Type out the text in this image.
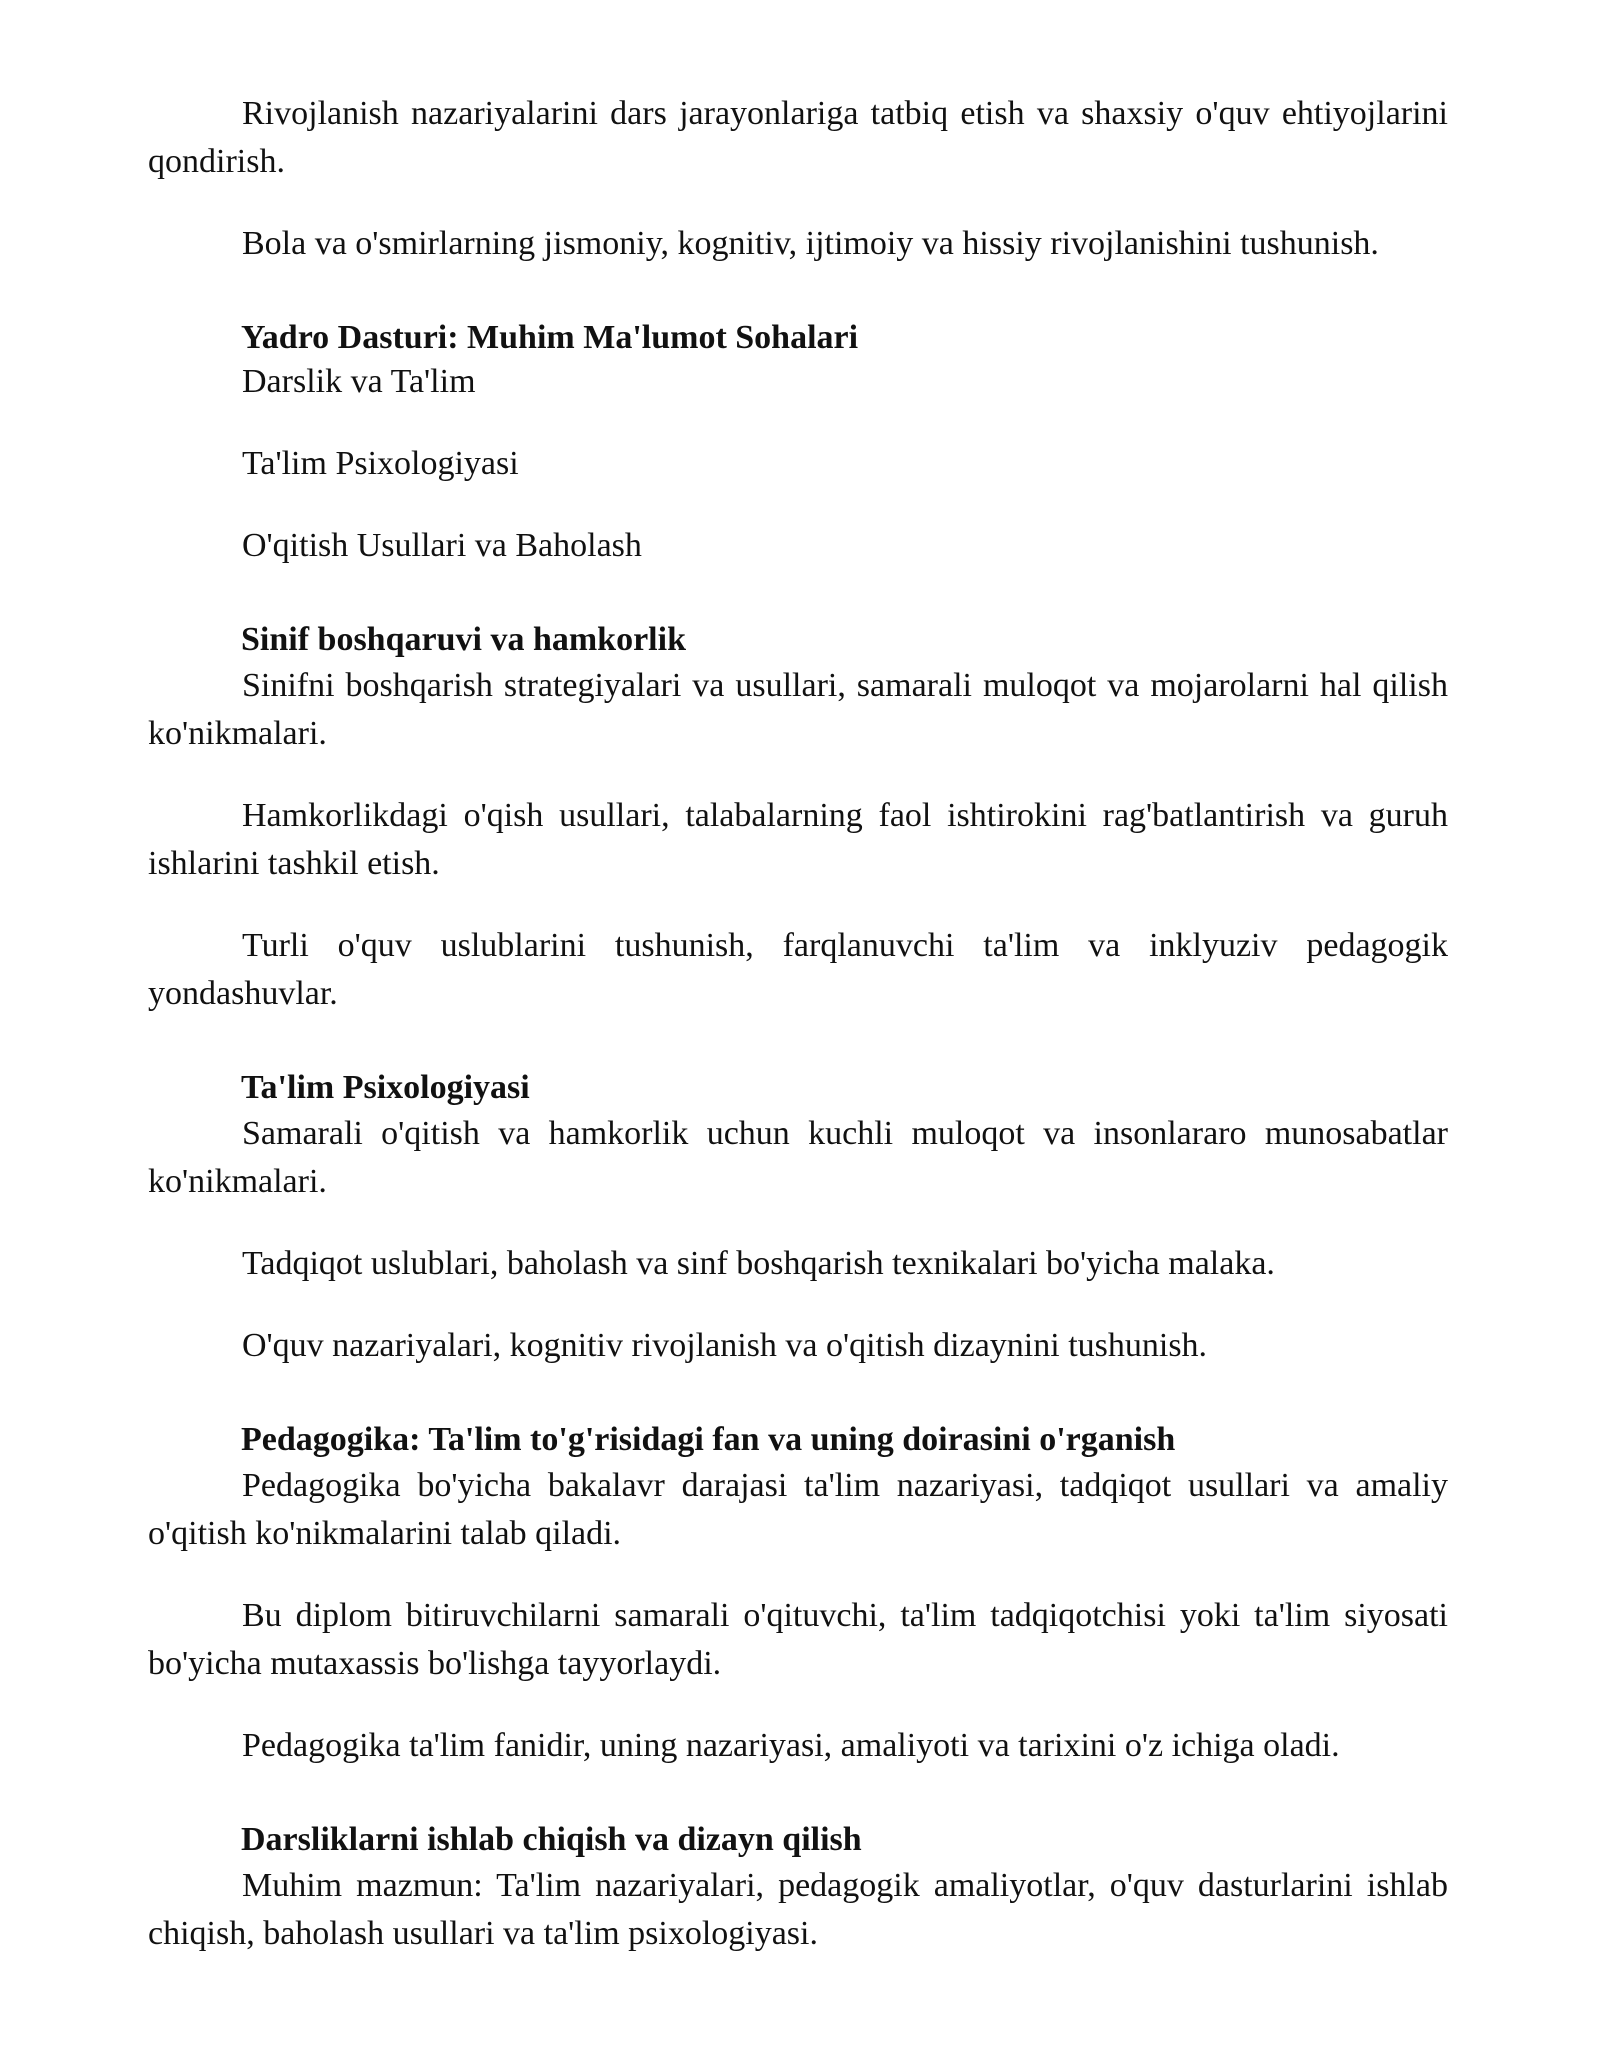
Rivojlanish nazariyalarini dars jarayonlariga tatbiq etish va shaxsiy o'quv ehtiyojlarini qondirish.

Bola va o'smirlarning jismoniy, kognitiv, ijtimoiy va hissiy rivojlanishini tushunish.

Yadro Dasturi: Muhim Ma'lumot Sohalari

Darslik va Ta'lim

Ta'lim Psixologiyasi

O'qitish Usullari va Baholash

Sinif boshqaruvi va hamkorlik

Sinifni boshqarish strategiyalari va usullari, samarali muloqot va mojarolarni hal qilish ko'nikmalari.

Hamkorlikdagi o'qish usullari, talabalarning faol ishtirokini rag'batlantirish va guruh ishlarini tashkil etish.

Turli o'quv uslublarini tushunish, farqlanuvchi ta'lim va inklyuziv pedagogik yondashuvlar.

Ta'lim Psixologiyasi

Samarali o'qitish va hamkorlik uchun kuchli muloqot va insonlararo munosabatlar ko'nikmalari.

Tadqiqot uslublari, baholash va sinf boshqarish texnikalari bo'yicha malaka.

O'quv nazariyalari, kognitiv rivojlanish va o'qitish dizaynini tushunish.

Pedagogika: Ta'lim to'g'risidagi fan va uning doirasini o'rganish

Pedagogika bo'yicha bakalavr darajasi ta'lim nazariyasi, tadqiqot usullari va amaliy o'qitish ko'nikmalarini talab qiladi.

Bu diplom bitiruvchilarni samarali o'qituvchi, ta'lim tadqiqotchisi yoki ta'lim siyosati bo'yicha mutaxassis bo'lishga tayyorlaydi.

Pedagogika ta'lim fanidir, uning nazariyasi, amaliyoti va tarixini o'z ichiga oladi.

Darsliklarni ishlab chiqish va dizayn qilish

Muhim mazmun: Ta'lim nazariyalari, pedagogik amaliyotlar, o'quv dasturlarini ishlab chiqish, baholash usullari va ta'lim psixologiyasi.
